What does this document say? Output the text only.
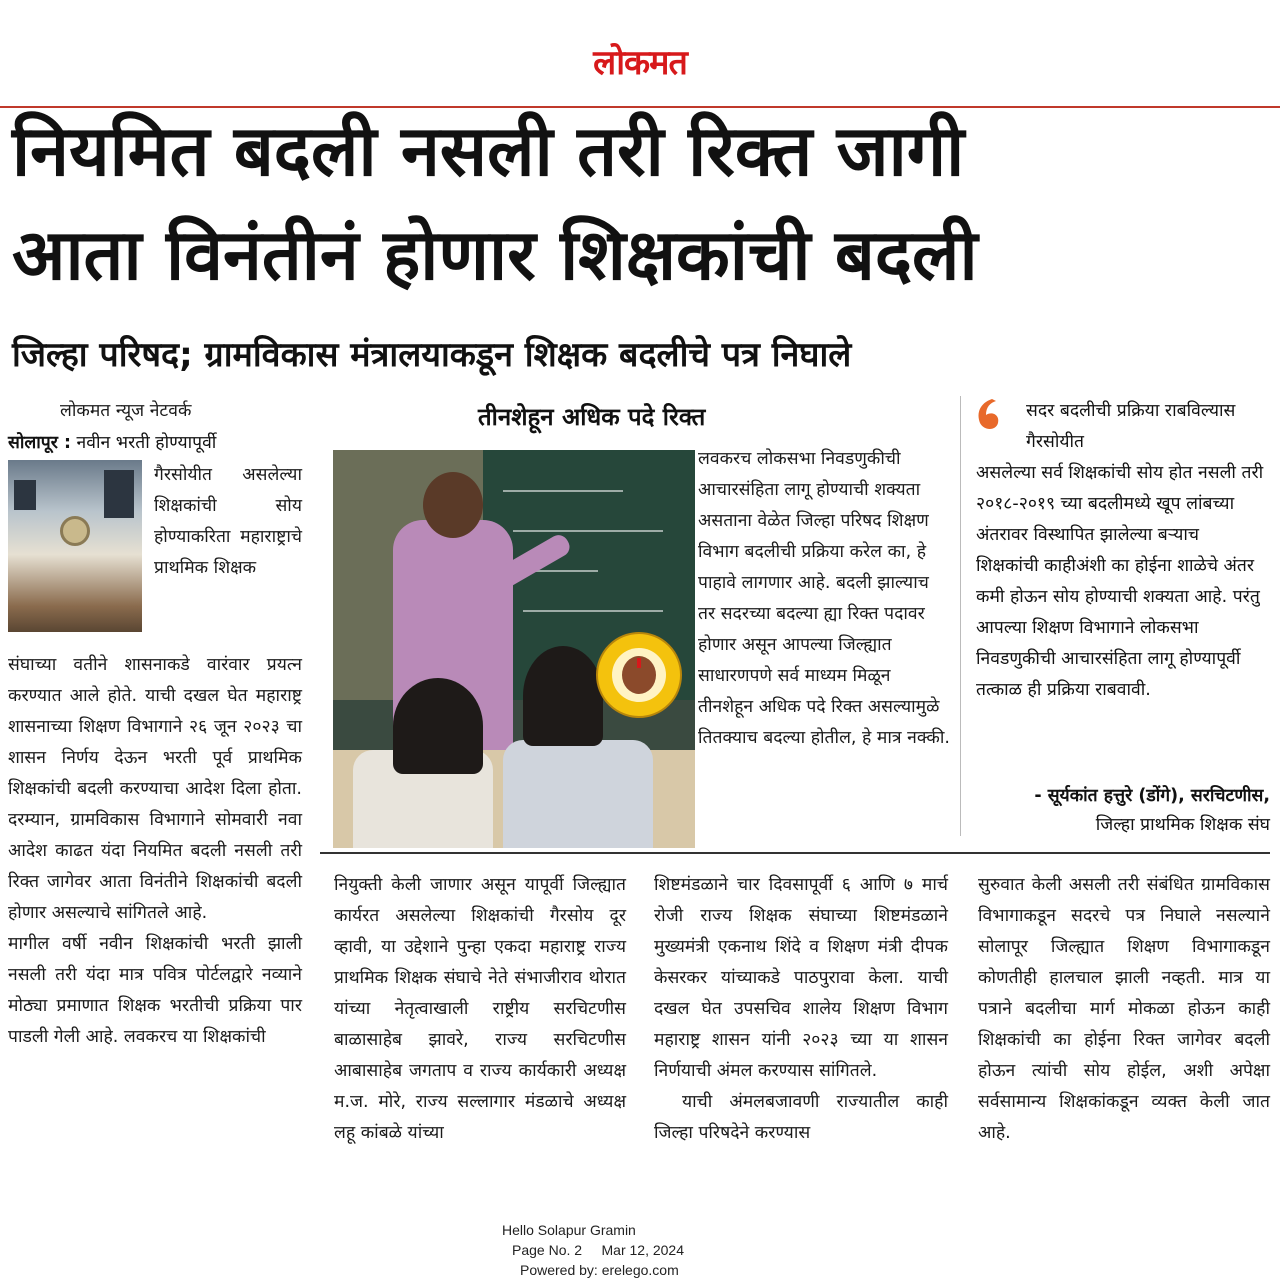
लोकमत
नियमित बदली नसली तरी रिक्त जागी
आता विनंतीनं होणार शिक्षकांची बदली
जिल्हा परिषद; ग्रामविकास मंत्रालयाकडून शिक्षक बदलीचे पत्र निघाले
लोकमत न्यूज नेटवर्क
सोलापूर : नवीन भरती होण्यापूर्वी
गैरसोयीत असलेल्या शिक्षकांची सोय होण्याकरिता महाराष्ट्राचे प्राथमिक शिक्षक

संघाच्या वतीने शासनाकडे वारंवार प्रयत्न करण्यात आले होते. याची दखल घेत महाराष्ट्र शासनाच्या शिक्षण विभागाने २६ जून २०२३ चा शासन निर्णय देऊन भरती पूर्व प्राथमिक शिक्षकांची बदली करण्याचा आदेश दिला होता. दरम्यान, ग्रामविकास विभागाने सोमवारी नवा आदेश काढत यंदा नियमित बदली नसली तरी रिक्त जागेवर आता विनंतीने शिक्षकांची बदली होणार असल्याचे सांगितले आहे.

मागील वर्षी नवीन शिक्षकांची भरती झाली नसली तरी यंदा मात्र पवित्र पोर्टलद्वारे नव्याने मोठ्या प्रमाणात शिक्षक भरतीची प्रक्रिया पार पाडली गेली आहे. लवकरच या शिक्षकांची

तीनशेहून अधिक पदे रिक्त
लवकरच लोकसभा निवडणुकीची आचारसंहिता लागू होण्याची शक्यता असताना वेळेत जिल्हा परिषद शिक्षण विभाग बदलीची प्रक्रिया करेल का, हे पाहावे लागणार आहे. बदली झाल्याच तर सदरच्या बदल्या ह्या रिक्त पदावर होणार असून आपल्या जिल्ह्यात साधारणपणे सर्व माध्यम मिळून तीनशेहून अधिक पदे रिक्त असल्यामुळे तितक्याच बदल्या होतील, हे मात्र नक्की.
सदर बदलीची प्रक्रिया राबविल्यास गैरसोयीत
असलेल्या सर्व शिक्षकांची सोय होत नसली तरी २०१८-२०१९ च्या बदलीमध्ये खूप लांबच्या अंतरावर विस्थापित झालेल्या बऱ्याच शिक्षकांची काहीअंशी का होईना शाळेचे अंतर कमी होऊन सोय होण्याची शक्यता आहे. परंतु आपल्या शिक्षण विभागाने लोकसभा निवडणुकीची आचारसंहिता लागू होण्यापूर्वी तत्काळ ही प्रक्रिया राबवावी.
- सूर्यकांत हत्तुरे (डोंगे), सरचिटणीस,
जिल्हा प्राथमिक शिक्षक संघ
नियुक्ती केली जाणार असून यापूर्वी जिल्ह्यात कार्यरत असलेल्या शिक्षकांची गैरसोय दूर व्हावी, या उद्देशाने पुन्हा एकदा महाराष्ट्र राज्य प्राथमिक शिक्षक संघाचे नेते संभाजीराव थोरात यांच्या नेतृत्वाखाली राष्ट्रीय सरचिटणीस बाळासाहेब झावरे, राज्य सरचिटणीस आबासाहेब जगताप व राज्य कार्यकारी अध्यक्ष म.ज. मोरे, राज्य सल्लागार मंडळाचे अध्यक्ष लहू कांबळे यांच्या

शिष्टमंडळाने चार दिवसापूर्वी ६ आणि ७ मार्च रोजी राज्य शिक्षक संघाच्या शिष्टमंडळाने मुख्यमंत्री एकनाथ शिंदे व शिक्षण मंत्री दीपक केसरकर यांच्याकडे पाठपुरावा केला. याची दखल घेत उपसचिव शालेय शिक्षण विभाग महाराष्ट्र शासन यांनी २०२३ च्या या शासन निर्णयाची अंमल करण्यास सांगितले.

याची अंमलबजावणी राज्यातील काही जिल्हा परिषदेने करण्यास

सुरुवात केली असली तरी संबंधित ग्रामविकास विभागाकडून सदरचे पत्र निघाले नसल्याने सोलापूर जिल्ह्यात शिक्षण विभागाकडून कोणतीही हालचाल झाली नव्हती. मात्र या पत्राने बदलीचा मार्ग मोकळा होऊन काही शिक्षकांची का होईना रिक्त जागेवर बदली होऊन त्यांची सोय होईल, अशी अपेक्षा सर्वसामान्य शिक्षकांकडून व्यक्त केली जात आहे.
Hello Solapur Gramin
Page No. 2     Mar 12, 2024
Powered by: erelego.com
